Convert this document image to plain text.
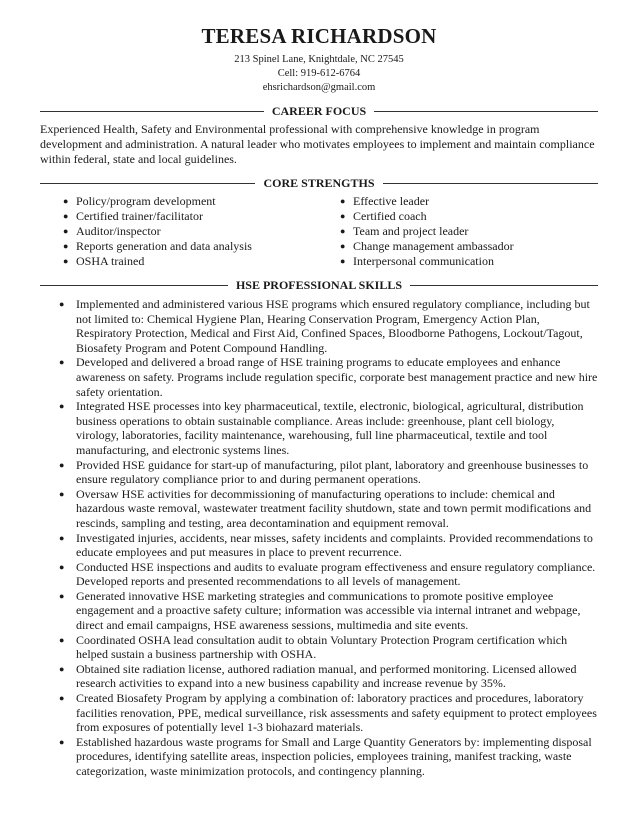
TERESA RICHARDSON
213 Spinel Lane, Knightdale, NC 27545
Cell: 919-612-6764
ehsrichardson@gmail.com
CAREER FOCUS
Experienced Health, Safety and Environmental professional with comprehensive knowledge in program development and administration. A natural leader who motivates employees to implement and maintain compliance within federal, state and local guidelines.
CORE STRENGTHS
● Policy/program development
● Certified trainer/facilitator
● Auditor/inspector
● Reports generation and data analysis
● OSHA trained
● Effective leader
● Certified coach
● Team and project leader
● Change management ambassador
● Interpersonal communication
HSE PROFESSIONAL SKILLS
● Implemented and administered various HSE programs which ensured regulatory compliance, including but not limited to: Chemical Hygiene Plan, Hearing Conservation Program, Emergency Action Plan, Respiratory Protection, Medical and First Aid, Confined Spaces, Bloodborne Pathogens, Lockout/Tagout, Biosafety Program and Potent Compound Handling.
● Developed and delivered a broad range of HSE training programs to educate employees and enhance awareness on safety. Programs include regulation specific, corporate best management practice and new hire safety orientation.
● Integrated HSE processes into key pharmaceutical, textile, electronic, biological, agricultural, distribution business operations to obtain sustainable compliance. Areas include: greenhouse, plant cell biology, virology, laboratories, facility maintenance, warehousing, full line pharmaceutical, textile and tool manufacturing, and electronic systems lines.
● Provided HSE guidance for start-up of manufacturing, pilot plant, laboratory and greenhouse businesses to ensure regulatory compliance prior to and during permanent operations.
● Oversaw HSE activities for decommissioning of manufacturing operations to include: chemical and hazardous waste removal, wastewater treatment facility shutdown, state and town permit modifications and rescinds, sampling and testing, area decontamination and equipment removal.
● Investigated injuries, accidents, near misses, safety incidents and complaints. Provided recommendations to educate employees and put measures in place to prevent recurrence.
● Conducted HSE inspections and audits to evaluate program effectiveness and ensure regulatory compliance. Developed reports and presented recommendations to all levels of management.
● Generated innovative HSE marketing strategies and communications to promote positive employee engagement and a proactive safety culture; information was accessible via internal intranet and webpage, direct and email campaigns, HSE awareness sessions, multimedia and site events.
● Coordinated OSHA lead consultation audit to obtain Voluntary Protection Program certification which helped sustain a business partnership with OSHA.
● Obtained site radiation license, authored radiation manual, and performed monitoring. Licensed allowed research activities to expand into a new business capability and increase revenue by 35%.
● Created Biosafety Program by applying a combination of: laboratory practices and procedures, laboratory facilities renovation, PPE, medical surveillance, risk assessments and safety equipment to protect employees from exposures of potentially level 1-3 biohazard materials.
● Established hazardous waste programs for Small and Large Quantity Generators by: implementing disposal procedures, identifying satellite areas, inspection policies, employees training, manifest tracking, waste categorization, waste minimization protocols, and contingency planning.
